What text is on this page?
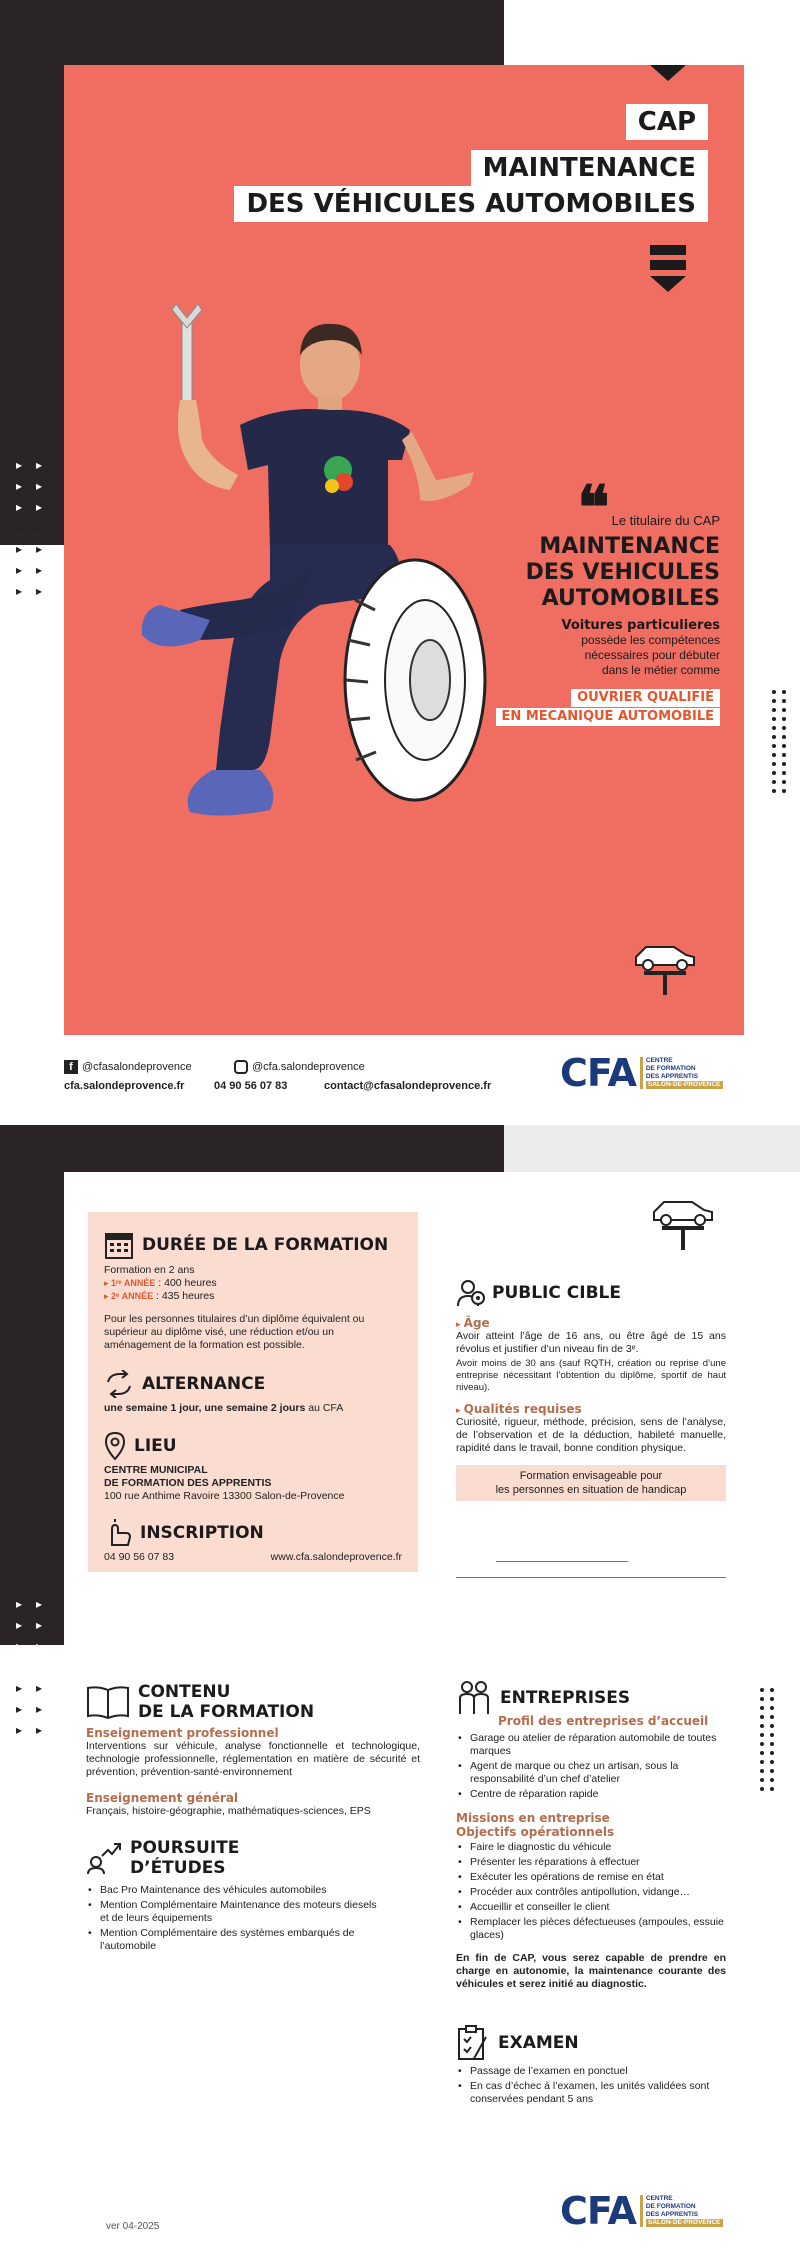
CAP
MAINTENANCE
DES VÉHICULES AUTOMOBILES
▸ ▸
▸ ▸
▸ ▸
▸ ▸
▸ ▸
▸ ▸
▸ ▸
❝ Le titulaire du CAP
MAINTENANCE
DES VEHICULES
AUTOMOBILES
Voitures particulieres
possède les compétences
nécessaires pour débuter
dans le métier comme
OUVRIER QUALIFIÉ
EN MECANIQUE AUTOMOBILE
f @cfasalondeprovence	@cfa.salondeprovence
cfa.salondeprovence.fr	04 90 56 07 83	contact@cfasalondeprovence.fr CFA CENTRE
DE FORMATION
DES APPRENTIS
SALON-DE-PROVENCE
DURÉE DE LA FORMATION
Formation en 2 ans
▸ 1ʳᵉ ANNÉE : 400 heures
▸ 2ᵉ ANNÉE : 435 heures
Pour les personnes titulaires d’un diplôme équivalent ou supérieur au diplôme visé, une réduction et/ou un aménagement de la formation est possible.
ALTERNANCE
une semaine 1 jour, une semaine 2 jours au CFA
LIEU
CENTRE MUNICIPAL
DE FORMATION DES APPRENTIS
100 rue Anthime Ravoire 13300 Salon-de-Provence
INSCRIPTION
04 90 56 07 83	www.cfa.salondeprovence.fr
PUBLIC CIBLE
▸ Âge
Avoir atteint l’âge de 16 ans, ou être âgé de 15 ans révolus et justifier d’un niveau fin de 3ᵉ.
Avoir moins de 30 ans (sauf RQTH, création ou reprise d’une entreprise nécessitant l’obtention du diplôme, sportif de haut niveau).
▸ Qualités requises
Curiosité, rigueur, méthode, précision, sens de l’analyse, de l’observation et de la déduction, habileté manuelle, rapidité dans le travail, bonne condition physique.
Formation envisageable pour
les personnes en situation de handicap
▸ ▸
▸ ▸
▸ ▸
▸ ▸
▸ ▸
▸ ▸
▸ ▸
CONTENU
DE LA FORMATION
Enseignement professionnel
Interventions sur véhicule, analyse fonctionnelle et technologique, technologie professionnelle, réglementation en matière de sécurité et prévention, prévention-santé-environnement
Enseignement général
Français, histoire-géographie, mathématiques-sciences, EPS
POURSUITE
D’ÉTUDES
• Bac Pro Maintenance des véhicules automobiles
• Mention Complémentaire Maintenance des moteurs diesels et de leurs équipements
• Mention Complémentaire des systèmes embarqués de l’automobile
ENTREPRISES
Profil des entreprises d’accueil
• Garage ou atelier de réparation automobile de toutes marques
• Agent de marque ou chez un artisan, sous la responsabilité d’un chef d’atelier
• Centre de réparation rapide
Missions en entreprise
Objectifs opérationnels
• Faire le diagnostic du véhicule
• Présenter les réparations à effectuer
• Exécuter les opérations de remise en état
• Procéder aux contrôles antipollution, vidange…
• Accueillir et conseiller le client
• Remplacer les pièces défectueuses (ampoules, essuie glaces)
En fin de CAP, vous serez capable de prendre en charge en autonomie, la maintenance courante des véhicules et serez initié au diagnostic.
EXAMEN
• Passage de l’examen en ponctuel
• En cas d’échec à l’examen, les unités validées sont conservées pendant 5 ans
ver 04-2025	CFA CENTRE
DE FORMATION
DES APPRENTIS
SALON-DE-PROVENCE
